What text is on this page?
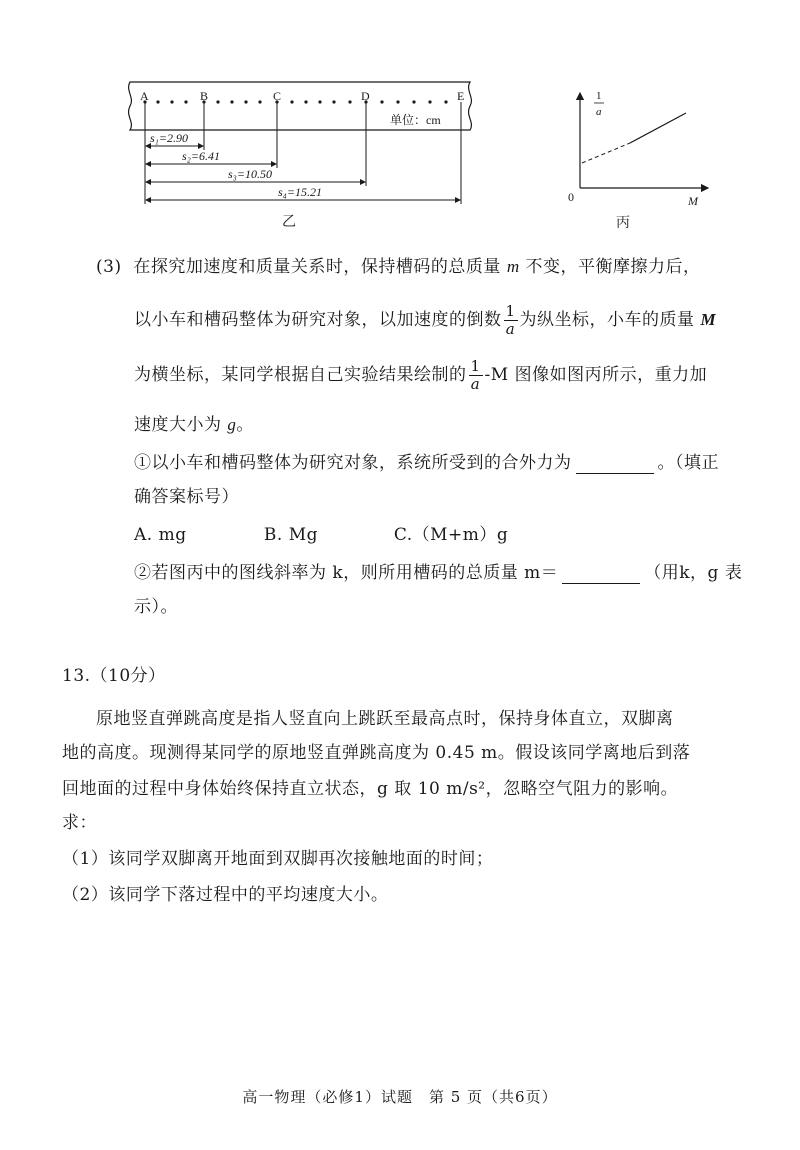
A	B	C	D	E
单位：cm
s₁=2.90
s₂=6.41
s₃=10.50
s₄=15.21
乙
1
a
0	M
丙
(3) 在探究加速度和质量关系时，保持槽码的总质量 m 不变，平衡摩擦力后，
以小车和槽码整体为研究对象，以加速度的倒数 $\frac{1}{a}$ 为纵坐标，小车的质量 M
为横坐标，某同学根据自己实验结果绘制的 $\frac{1}{a} -M$ 图像如图丙所示，重力加
速度大小为 g。
①以小车和槽码整体为研究对象，系统所受到的合外力为	。（填正
确答案标号）
A. mg	B. Mg	C.（M+m）g
②若图丙中的图线斜率为 k，则所用槽码的总质量 m＝	（用k，g 表
示）。
13.（10分）
原地竖直弹跳高度是指人竖直向上跳跃至最高点时，保持身体直立，双脚离
地的高度。现测得某同学的原地竖直弹跳高度为 0.45 m。假设该同学离地后到落
回地面的过程中身体始终保持直立状态，g 取 10 m/s²，忽略空气阻力的影响。
求：
（1）该同学双脚离开地面到双脚再次接触地面的时间；
（2）该同学下落过程中的平均速度大小。
高一物理（必修1）试题　第 5 页（共6页）
